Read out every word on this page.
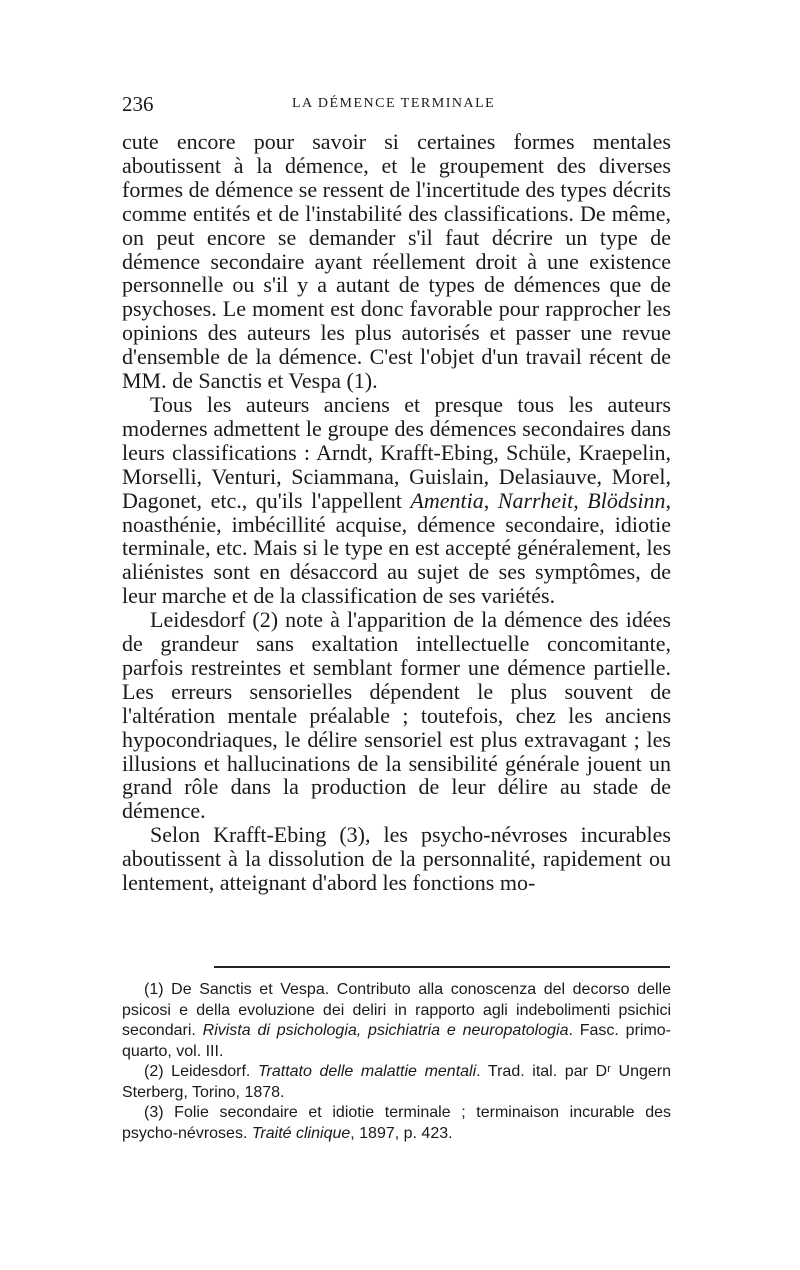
236	LA DÉMENCE TERMINALE

cute encore pour savoir si certaines formes mentales aboutissent à la démence, et le groupement des diverses formes de démence se ressent de l'incertitude des types décrits comme entités et de l'instabilité des classifications. De même, on peut encore se demander s'il faut décrire un type de démence secondaire ayant réellement droit à une existence personnelle ou s'il y a autant de types de démences que de psychoses. Le moment est donc favorable pour rapprocher les opinions des auteurs les plus autorisés et passer une revue d'ensemble de la démence. C'est l'objet d'un travail récent de MM. de Sanctis et Vespa (1).

Tous les auteurs anciens et presque tous les auteurs modernes admettent le groupe des démences secondaires dans leurs classifications : Arndt, Krafft-Ebing, Schüle, Kraepelin, Morselli, Venturi, Sciammana, Guislain, Delasiauve, Morel, Dagonet, etc., qu'ils l'appellent Amentia, Narrheit, Blödsinn, noasthénie, imbécillité acquise, démence secondaire, idiotie terminale, etc. Mais si le type en est accepté généralement, les aliénistes sont en désaccord au sujet de ses symptômes, de leur marche et de la classification de ses variétés.

Leidesdorf (2) note à l'apparition de la démence des idées de grandeur sans exaltation intellectuelle concomitante, parfois restreintes et semblant former une démence partielle. Les erreurs sensorielles dépendent le plus souvent de l'altération mentale préalable ; toutefois, chez les anciens hypocondriaques, le délire sensoriel est plus extravagant ; les illusions et hallucinations de la sensibilité générale jouent un grand rôle dans la production de leur délire au stade de démence.

Selon Krafft-Ebing (3), les psycho-névroses incurables aboutissent à la dissolution de la personnalité, rapidement ou lentement, atteignant d'abord les fonctions mo-

(1) De Sanctis et Vespa. Contributo alla conoscenza del decorso delle psicosi e della evoluzione dei deliri in rapporto agli indebolimenti psichici secondari. Rivista di psichologia, psichiatria e neuropatologia. Fasc. primo-quarto, vol. III.

(2) Leidesdorf. Trattato delle malattie mentali. Trad. ital. par Dʳ Ungern Sterberg, Torino, 1878.

(3) Folie secondaire et idiotie terminale ; terminaison incurable des psycho-névroses. Traité clinique, 1897, p. 423.
